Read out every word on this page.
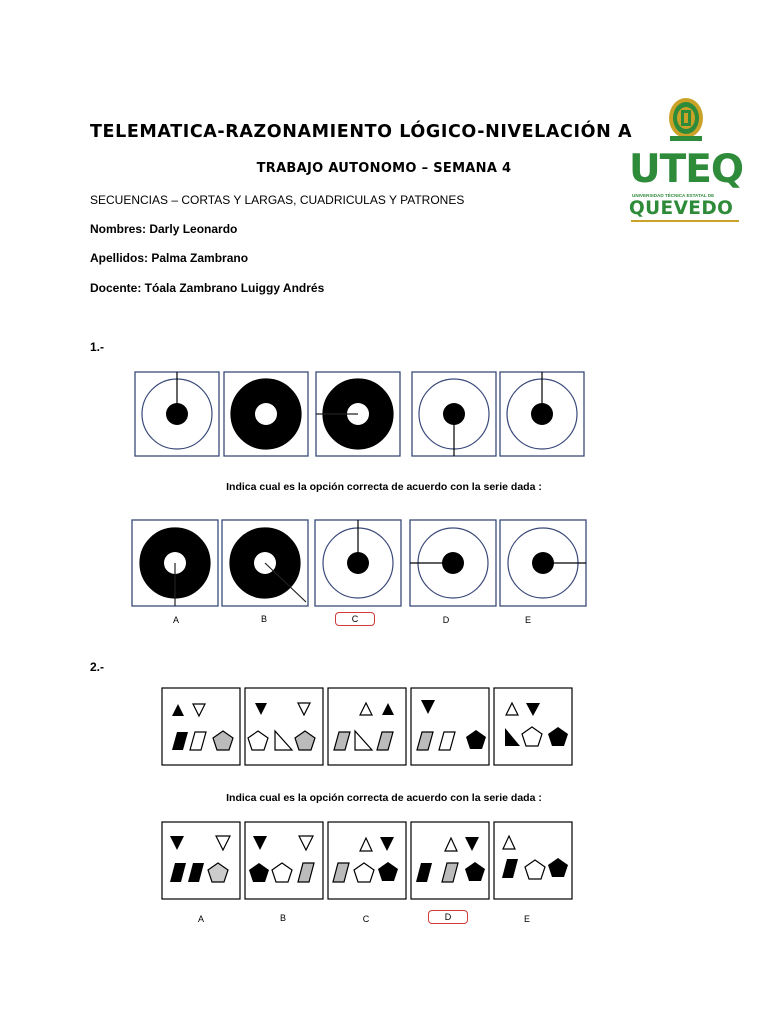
TELEMATICA-RAZONAMIENTO LÓGICO-NIVELACIÓN A
TRABAJO AUTONOMO – SEMANA 4
SECUENCIAS – CORTAS Y LARGAS, CUADRICULAS Y PATRONES
Nombres: Darly Leonardo
Apellidos: Palma Zambrano
Docente: Tóala Zambrano Luiggy Andrés
UTEQ
UNIVERSIDAD TÉCNICA ESTATAL DE
QUEVEDO
1.-
Indica cual es la opción correcta de acuerdo con la serie dada :
A	B	C	D	E
2.-
Indica cual es la opción correcta de acuerdo con la serie dada :
A	B	C	D	E
